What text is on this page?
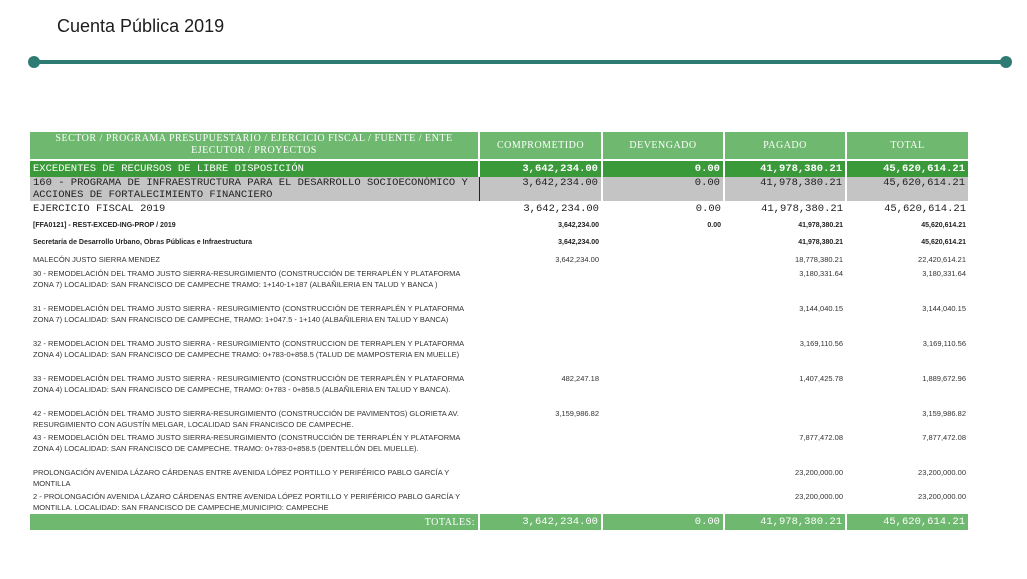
Cuenta Pública 2019
SECTOR / PROGRAMA PRESUPUESTARIO / EJERCICIO FISCAL / FUENTE / ENTE EJECUTOR / PROYECTOS	COMPROMETIDO	DEVENGADO	PAGADO	TOTAL

EXCEDENTES DE RECURSOS DE LIBRE DISPOSICIÓN	3,642,234.00	0.00	41,978,380.21	45,620,614.21
160 - PROGRAMA DE INFRAESTRUCTURA PARA EL DESARROLLO SOCIOECONÓMICO Y ACCIONES DE FORTALECIMIENTO FINANCIERO	3,642,234.00	0.00	41,978,380.21	45,620,614.21
EJERCICIO FISCAL 2019	3,642,234.00	0.00	41,978,380.21	45,620,614.21
[FFA0121] - REST-EXCED-ING-PROP / 2019	3,642,234.00	0.00	41,978,380.21	45,620,614.21
Secretaría de Desarrollo Urbano, Obras Públicas e Infraestructura	3,642,234.00		41,978,380.21	45,620,614.21
MALECÓN JUSTO SIERRA MENDEZ	3,642,234.00		18,778,380.21	22,420,614.21
30 - REMODELACIÓN DEL TRAMO JUSTO SIERRA-RESURGIMIENTO (CONSTRUCCIÓN DE TERRAPLÉN Y PLATAFORMA ZONA 7) LOCALIDAD: SAN FRANCISCO DE CAMPECHE TRAMO: 1+140-1+187 (ALBAÑILERIA EN TALUD Y BANCA )			3,180,331.64	3,180,331.64
31 - REMODELACIÓN DEL TRAMO JUSTO SIERRA - RESURGIMIENTO (CONSTRUCCIÓN DE TERRAPLÉN Y PLATAFORMA ZONA 7) LOCALIDAD: SAN FRANCISCO DE CAMPECHE, TRAMO: 1+047.5 - 1+140 (ALBAÑILERIA EN TALUD Y BANCA)			3,144,040.15	3,144,040.15
32 - REMODELACION DEL TRAMO JUSTO SIERRA - RESURGIMIENTO (CONSTRUCCION DE TERRAPLEN Y PLATAFORMA ZONA 4) LOCALIDAD: SAN FRANCISCO DE CAMPECHE TRAMO: 0+783-0+858.5 (TALUD DE MAMPOSTERIA EN MUELLE)			3,169,110.56	3,169,110.56
33 - REMODELACIÓN DEL TRAMO JUSTO SIERRA - RESURGIMIENTO (CONSTRUCCIÓN DE TERRAPLÉN Y PLATAFORMA ZONA 4) LOCALIDAD: SAN FRANCISCO DE CAMPECHE, TRAMO: 0+783 - 0+858.5 (ALBAÑILERIA EN TALUD Y BANCA).	482,247.18		1,407,425.78	1,889,672.96
42 - REMODELACIÓN DEL TRAMO JUSTO SIERRA-RESURGIMIENTO (CONSTRUCCIÓN DE PAVIMENTOS) GLORIETA AV. RESURGIMIENTO CON AGUSTÍN MELGAR, LOCALIDAD SAN FRANCISCO DE CAMPECHE.	3,159,986.82			3,159,986.82
43 - REMODELACIÓN DEL TRAMO JUSTO SIERRA-RESURGIMIENTO (CONSTRUCCIÓN DE TERRAPLÉN Y PLATAFORMA ZONA 4) LOCALIDAD: SAN FRANCISCO DE CAMPECHE. TRAMO: 0+783-0+858.5 (DENTELLÓN DEL MUELLE).			7,877,472.08	7,877,472.08
PROLONGACIÓN AVENIDA LÁZARO CÁRDENAS ENTRE AVENIDA LÓPEZ PORTILLO Y PERIFÉRICO PABLO GARCÍA Y MONTILLA			23,200,000.00	23,200,000.00
2 - PROLONGACIÓN AVENIDA LÁZARO CÁRDENAS ENTRE AVENIDA LÓPEZ PORTILLO Y PERIFÉRICO PABLO GARCÍA Y MONTILLA. LOCALIDAD: SAN FRANCISCO DE CAMPECHE,MUNICIPIO: CAMPECHE			23,200,000.00	23,200,000.00
TOTALES:	3,642,234.00	0.00	41,978,380.21	45,620,614.21
